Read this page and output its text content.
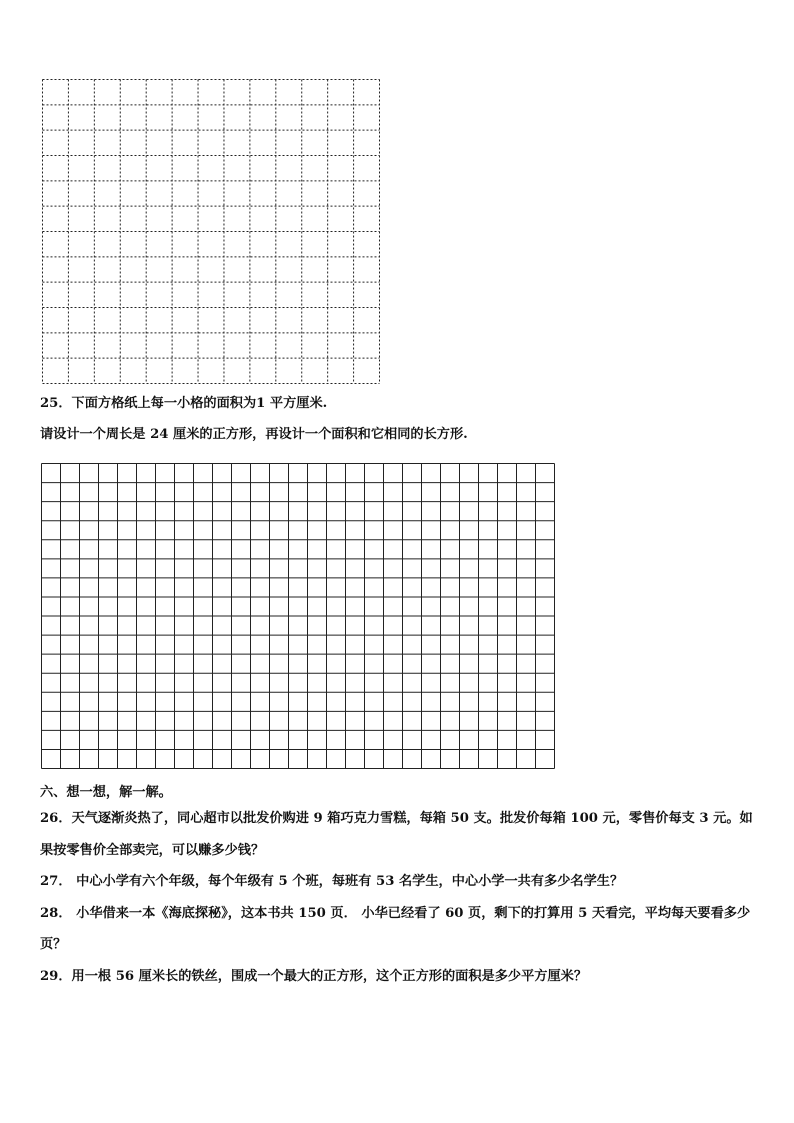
25．下面方格纸上每一小格的面积为1 平方厘米.
请设计一个周长是 24 厘米的正方形，再设计一个面积和它相同的长方形.
六、想一想，解一解。
26．天气逐渐炎热了，同心超市以批发价购进 9 箱巧克力雪糕，每箱 50 支。批发价每箱 100 元，零售价每支 3 元。如
果按零售价全部卖完，可以赚多少钱？
27． 中心小学有六个年级，每个年级有 5 个班，每班有 53 名学生，中心小学一共有多少名学生？
28． 小华借来一本《海底探秘》，这本书共 150 页． 小华已经看了 60 页，剩下的打算用 5 天看完，平均每天要看多少
页？
29．用一根 56 厘米长的铁丝，围成一个最大的正方形，这个正方形的面积是多少平方厘米？
